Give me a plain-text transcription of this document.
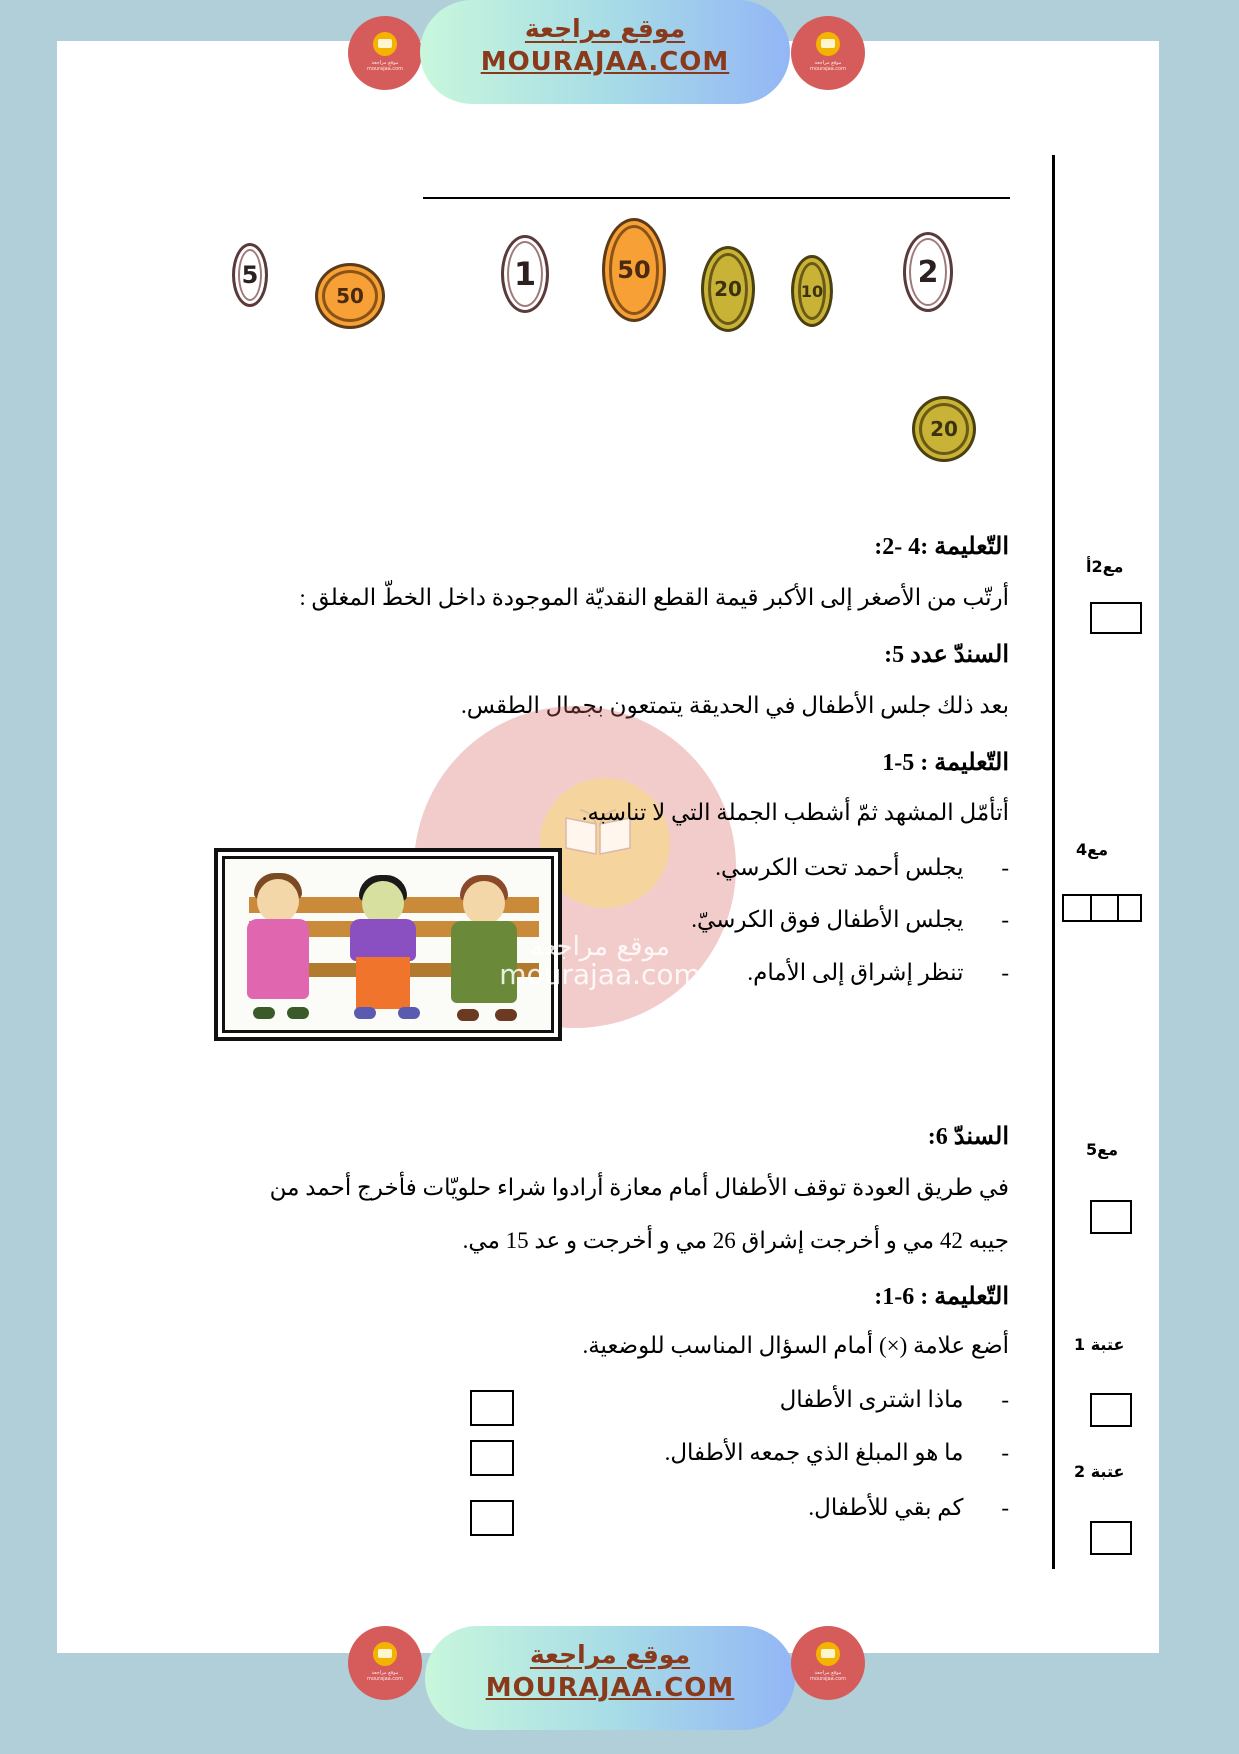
موقع مراجعة
mourajaa.com
موقع مراجعة
MOURAJAA.COM	موقع مراجعة
mourajaa.com
5
50
1	50
20	10
2
20
التّعليمة :4 -2:
أرتّب من الأصغر إلى الأكبر قيمة القطع النقديّة الموجودة داخل الخطّ المغلق :
السندّ عدد 5:
بعد ذلك جلس الأطفال في الحديقة يتمتعون بجمال الطقس.
التّعليمة : 5-1
أتأمّل المشهد ثمّ أشطب الجملة التي لا تناسبه.
-  يجلس أحمد تحت الكرسي.
-  يجلس الأطفال فوق الكرسيّ.
-  تنظر إشراق إلى الأمام.
موقع مراجعة
mourajaa.com
السندّ 6:
في طريق العودة توقف الأطفال أمام معازة أرادوا شراء حلويّات فأخرج أحمد من
جيبه 42 مي و أخرجت إشراق 26 مي و أخرجت و عد 15 مي.
التّعليمة : 6-1:
أضع علامة (×) أمام السؤال المناسب للوضعية.
-  ماذا اشترى الأطفال
-  ما هو المبلغ الذي جمعه الأطفال.
-  كم بقي للأطفال.
مع2أ
مع4
مع5
عتبة 1
عتبة 2
موقع مراجعة
mourajaa.com
موقع مراجعة
MOURAJAA.COM	موقع مراجعة
mourajaa.com
